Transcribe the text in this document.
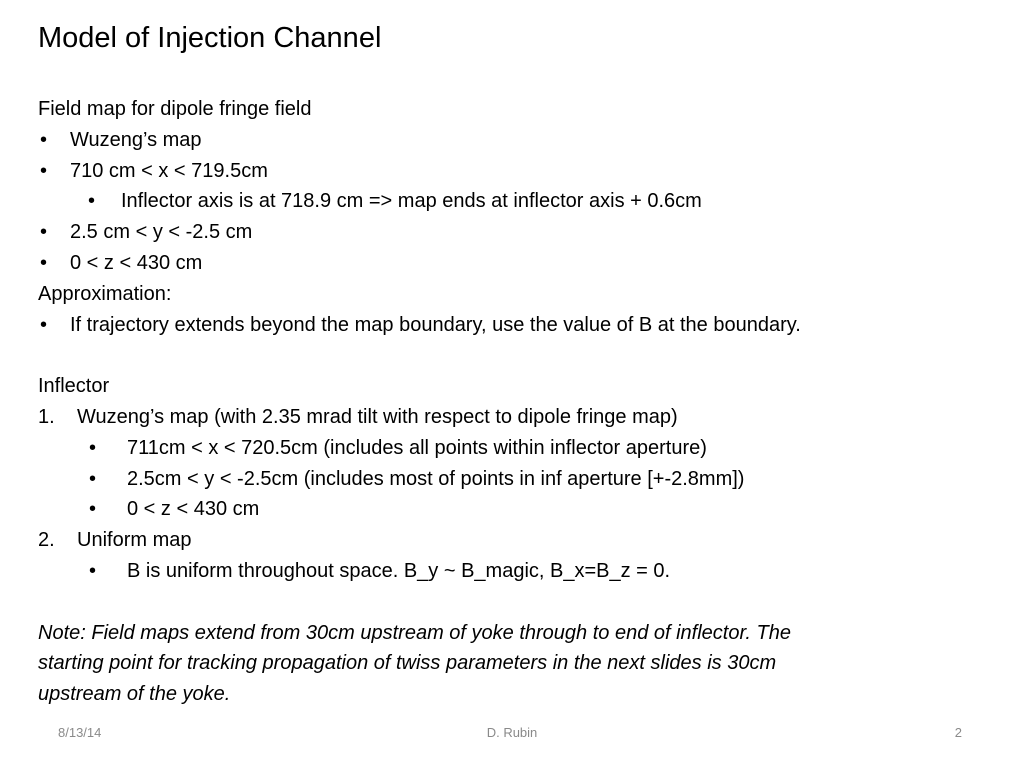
Model of Injection Channel
Field map for dipole fringe field
• Wuzeng’s map
• 710 cm < x < 719.5cm
• Inflector axis is at 718.9 cm => map ends at inflector axis + 0.6cm
• 2.5 cm < y < -2.5 cm
• 0 < z < 430 cm
Approximation:
• If trajectory extends beyond the map boundary, use the value of B at the boundary.
Inflector
1. Wuzeng’s map (with 2.35 mrad tilt with respect to dipole fringe map)
• 711cm < x < 720.5cm (includes all points within inflector aperture)
• 2.5cm < y < -2.5cm (includes most of points in inf aperture [+-2.8mm])
• 0 < z < 430 cm
2. Uniform map
• B is uniform throughout space. B_y ~ B_magic, B_x=B_z = 0.
Note: Field maps extend from 30cm upstream of yoke through to end of inflector. The
starting point for tracking propagation of twiss parameters in the next slides is 30cm
upstream of the yoke.
8/13/14	D. Rubin	2
